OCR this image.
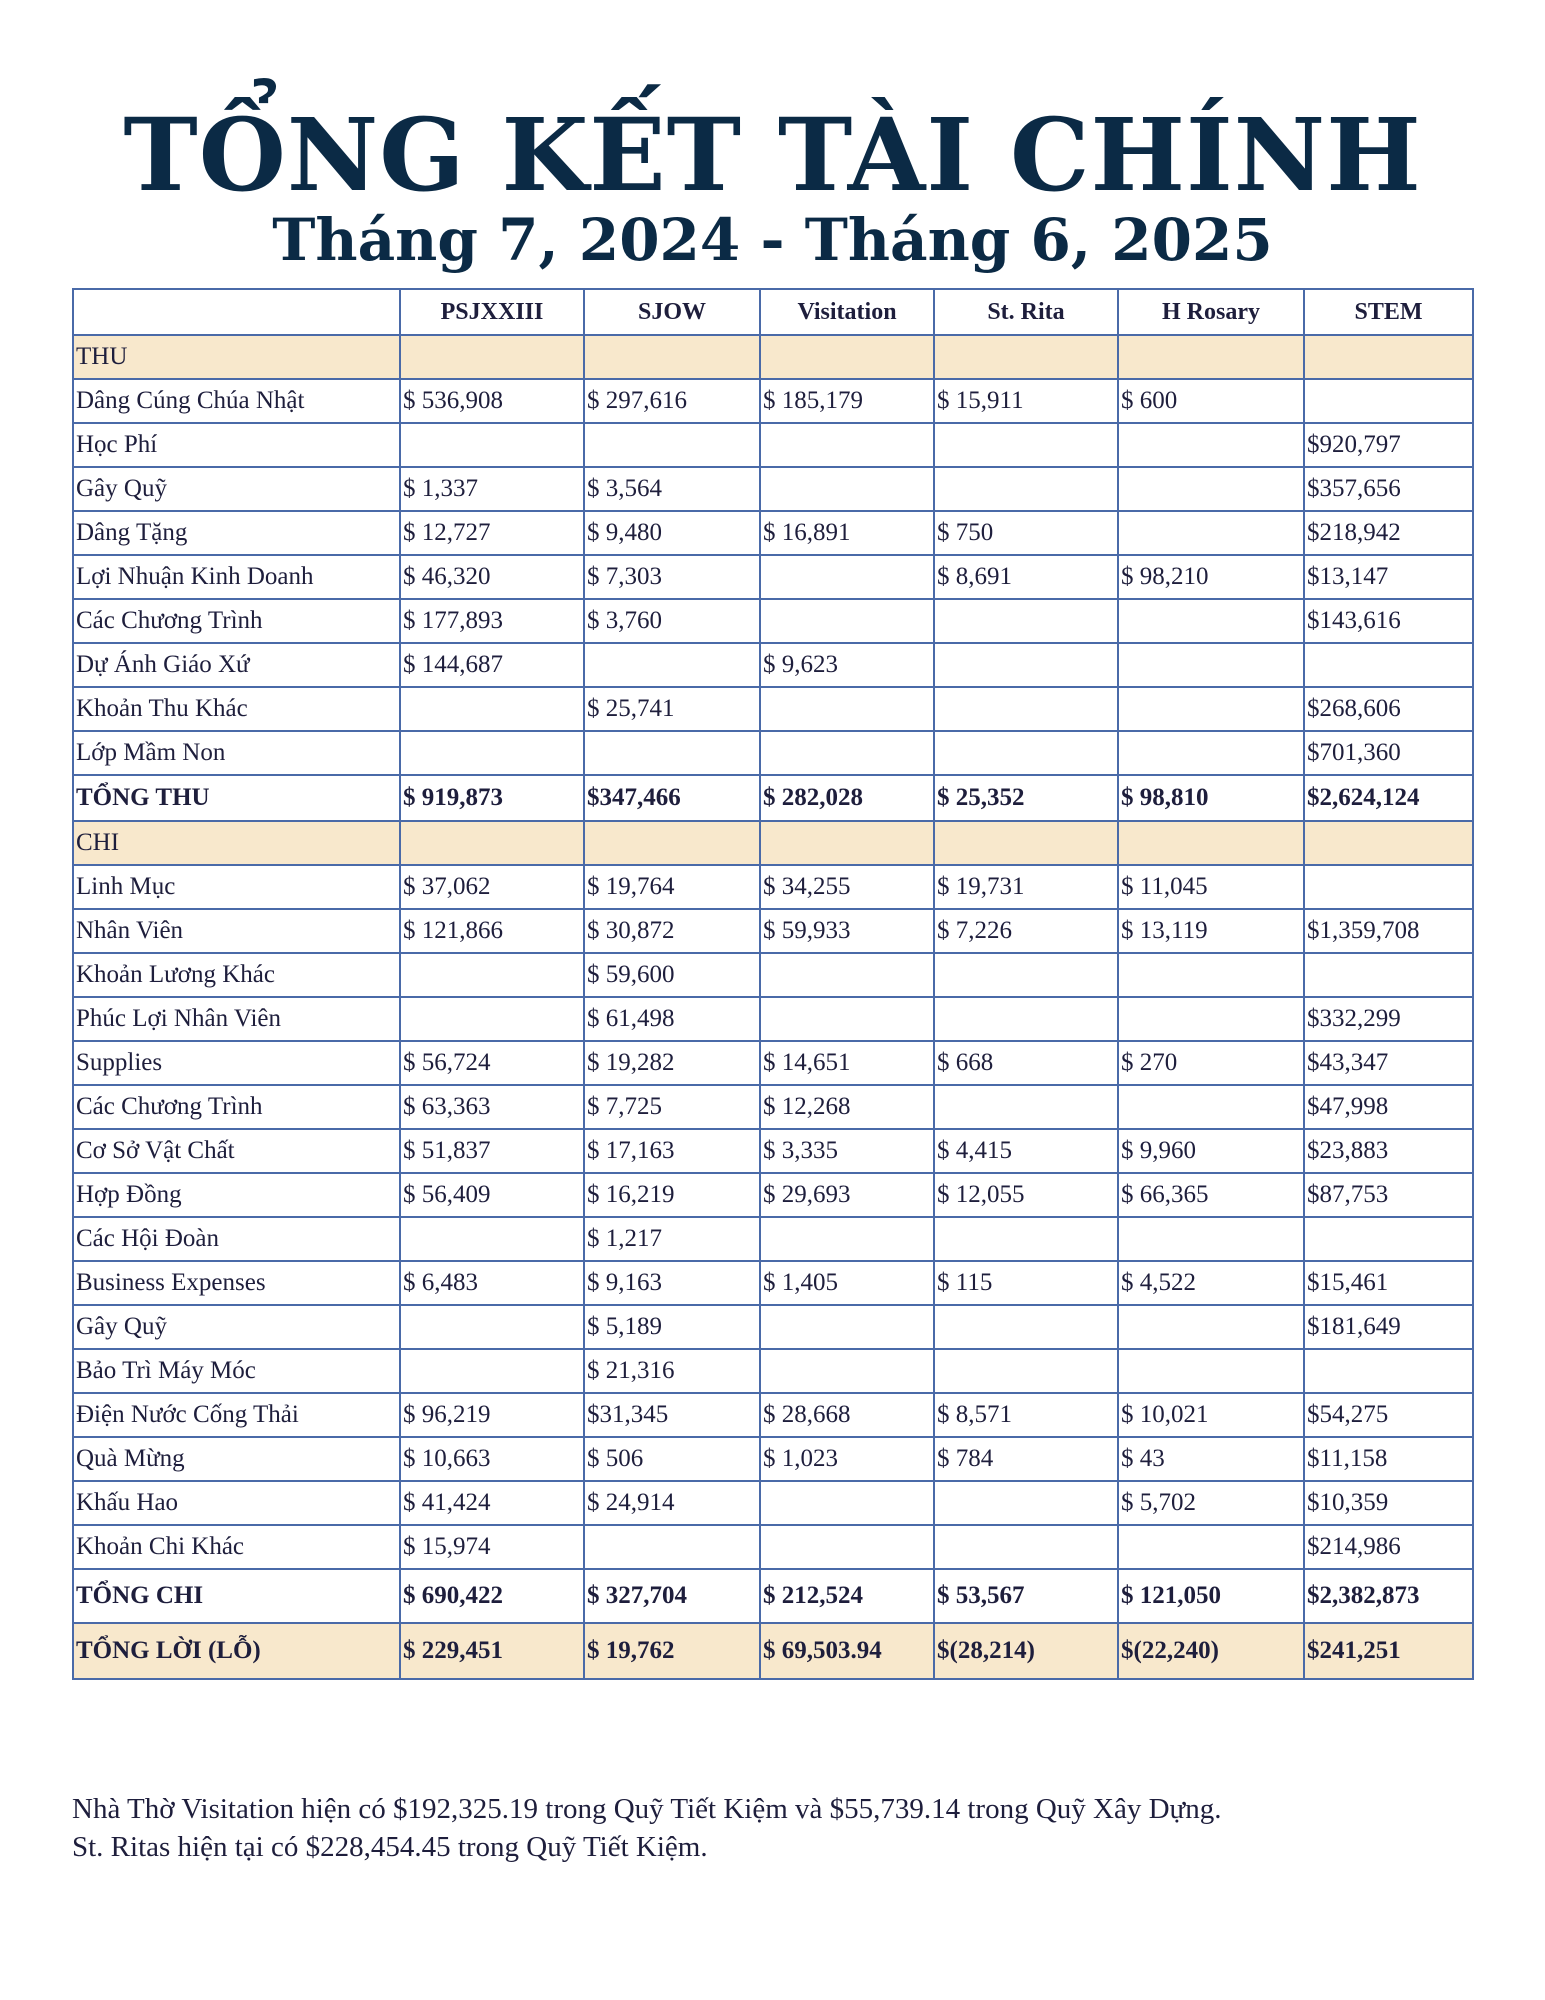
TỔNG KẾT TÀI CHÍNH
Tháng 7, 2024 - Tháng 6, 2025
	PSJXXIII	SJOW	Visitation	St. Rita	H Rosary	STEM
THU						
Dâng Cúng Chúa Nhật	$ 536,908	$ 297,616	$ 185,179	$ 15,911	$ 600	
Học Phí						$920,797
Gây Quỹ	$ 1,337	$ 3,564				$357,656
Dâng Tặng	$ 12,727	$ 9,480	$ 16,891	$ 750		$218,942
Lợi Nhuận Kinh Doanh	$ 46,320	$ 7,303		$ 8,691	$ 98,210	$13,147
Các Chương Trình	$ 177,893	$ 3,760				$143,616
Dự Ánh Giáo Xứ	$ 144,687		$ 9,623			
Khoản Thu Khác		$ 25,741				$268,606
Lớp Mầm Non						$701,360
TỔNG THU	$ 919,873	$347,466	$ 282,028	$ 25,352	$ 98,810	$2,624,124
CHI						
Linh Mục	$ 37,062	$ 19,764	$ 34,255	$ 19,731	$ 11,045	
Nhân Viên	$ 121,866	$ 30,872	$ 59,933	$ 7,226	$ 13,119	$1,359,708
Khoản Lương Khác		$ 59,600				
Phúc Lợi Nhân Viên		$ 61,498				$332,299
Supplies	$ 56,724	$ 19,282	$ 14,651	$ 668	$ 270	$43,347
Các Chương Trình	$ 63,363	$ 7,725	$ 12,268			$47,998
Cơ Sở Vật Chất	$ 51,837	$ 17,163	$ 3,335	$ 4,415	$ 9,960	$23,883
Hợp Đồng	$ 56,409	$ 16,219	$ 29,693	$ 12,055	$ 66,365	$87,753
Các Hội Đoàn		$ 1,217				
Business Expenses	$ 6,483	$ 9,163	$ 1,405	$ 115	$ 4,522	$15,461
Gây Quỹ		$ 5,189				$181,649
Bảo Trì Máy Móc		$ 21,316				
Điện Nước Cống Thải	$ 96,219	$31,345	$ 28,668	$ 8,571	$ 10,021	$54,275
Quà Mừng	$ 10,663	$ 506	$ 1,023	$ 784	$ 43	$11,158
Khấu Hao	$ 41,424	$ 24,914			$ 5,702	$10,359
Khoản Chi Khác	$ 15,974					$214,986
TỔNG CHI	$ 690,422	$ 327,704	$ 212,524	$ 53,567	$ 121,050	$2,382,873
TỔNG LỜI (LỖ)	$ 229,451	$ 19,762	$ 69,503.94	$(28,214)	$(22,240)	$241,251
Nhà Thờ Visitation hiện có $192,325.19 trong Quỹ Tiết Kiệm và $55,739.14 trong Quỹ Xây Dựng.
St. Ritas hiện tại có $228,454.45 trong Quỹ Tiết Kiệm.
